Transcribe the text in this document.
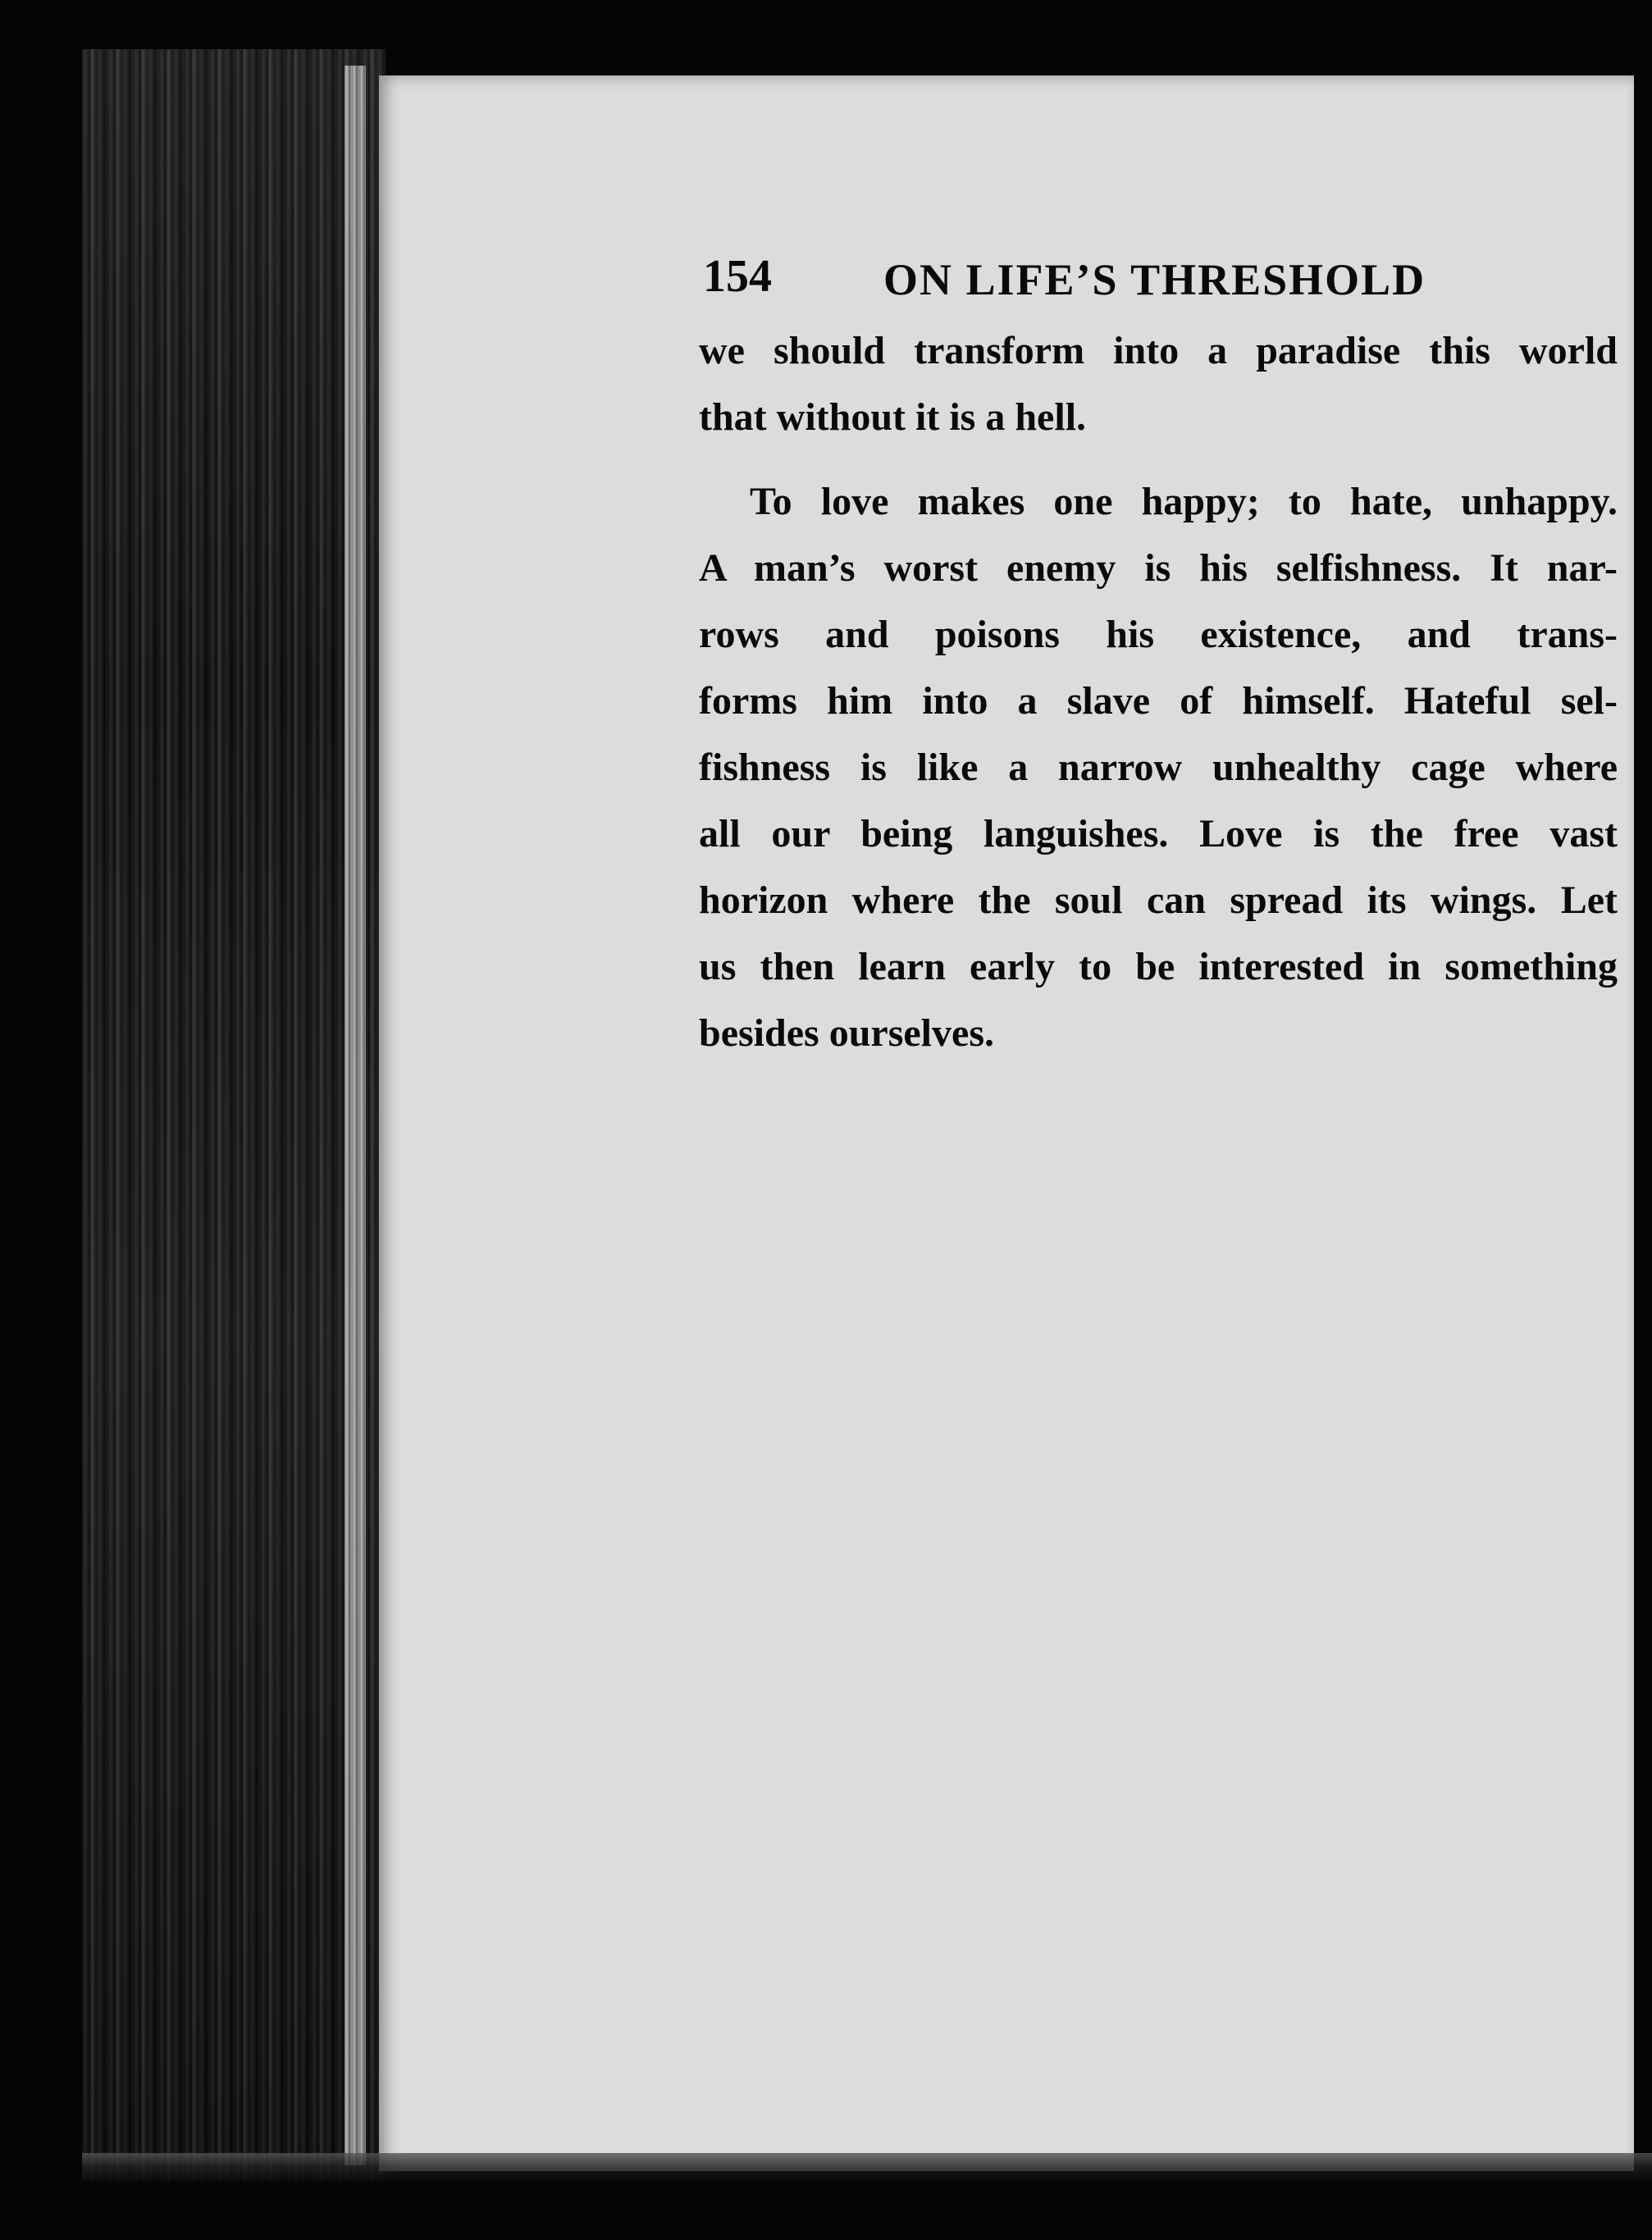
154	ON LIFE’S THRESHOLD
we should transform into a paradise this world
that without it is a hell.
To love makes one happy; to hate, unhappy.
A man’s worst enemy is his selfishness. It nar-
rows and poisons his existence, and trans-
forms him into a slave of himself. Hateful sel-
fishness is like a narrow unhealthy cage where
all our being languishes. Love is the free vast
horizon where the soul can spread its wings. Let
us then learn early to be interested in something
besides ourselves.
